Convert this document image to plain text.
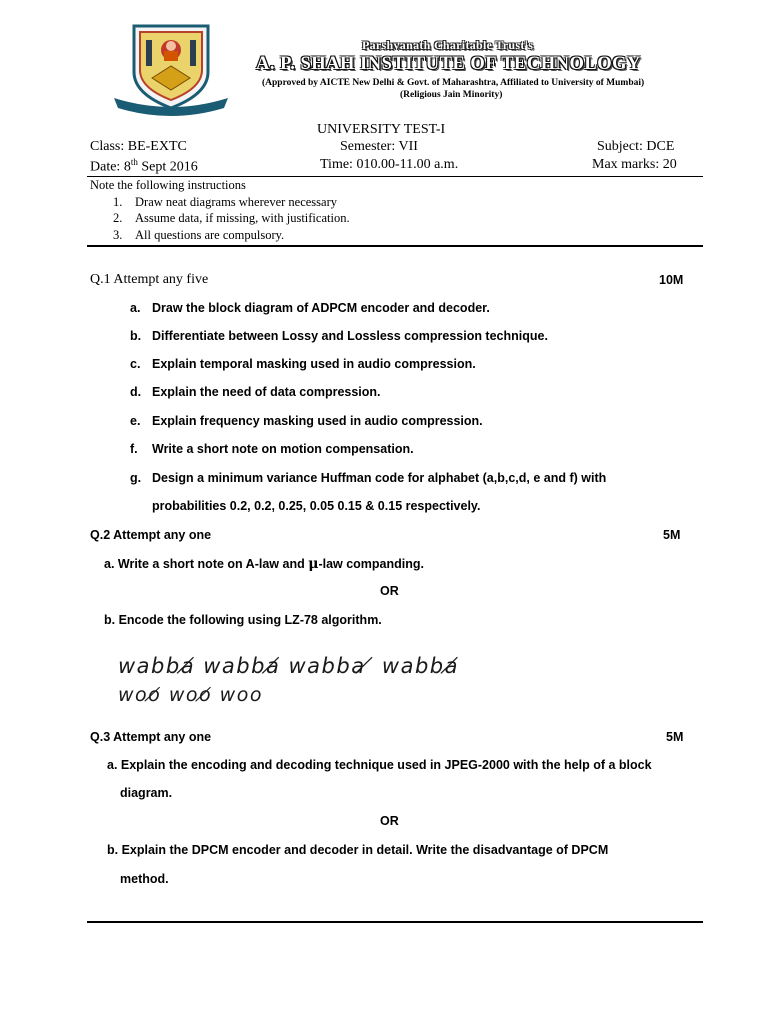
Parshvanath Charitable Trust's
A. P. SHAH INSTITUTE OF TECHNOLOGY
(Approved by AICTE New Delhi & Govt. of Maharashtra, Affiliated to University of Mumbai)
(Religious Jain Minority)
UNIVERSITY TEST-I
Class: BE-EXTC	Semester: VII	Subject: DCE
Date: 8th Sept 2016	Time: 010.00-11.00 a.m.	Max marks: 20
Note the following instructions
1. Draw neat diagrams wherever necessary
2. Assume data, if missing, with justification.
3. All questions are compulsory.
Q.1 Attempt any five	10M
a. Draw the block diagram of ADPCM encoder and decoder.
b. Differentiate between Lossy and Lossless compression technique.
c. Explain temporal masking used in audio compression.
d. Explain the need of data compression.
e. Explain frequency masking used in audio compression.
f. Write a short note on motion compensation.
g. Design a minimum variance Huffman code for alphabet (a,b,c,d, e and f) with
probabilities 0.2, 0.2, 0.25, 0.05 0.15 & 0.15 respectively.
Q.2 Attempt any one	5M
a. Write a short note on A-law and μ-law companding.
OR
b. Encode the following using LZ-78 algorithm.
wabba̸ wabba̸ wabba ̸ wabba̸
woo̸ woo̸ woo
Q.3 Attempt any one	5M
a. Explain the encoding and decoding technique used in JPEG-2000 with the help of a block
diagram.
OR
b. Explain the DPCM encoder and decoder in detail. Write the disadvantage of DPCM
method.
